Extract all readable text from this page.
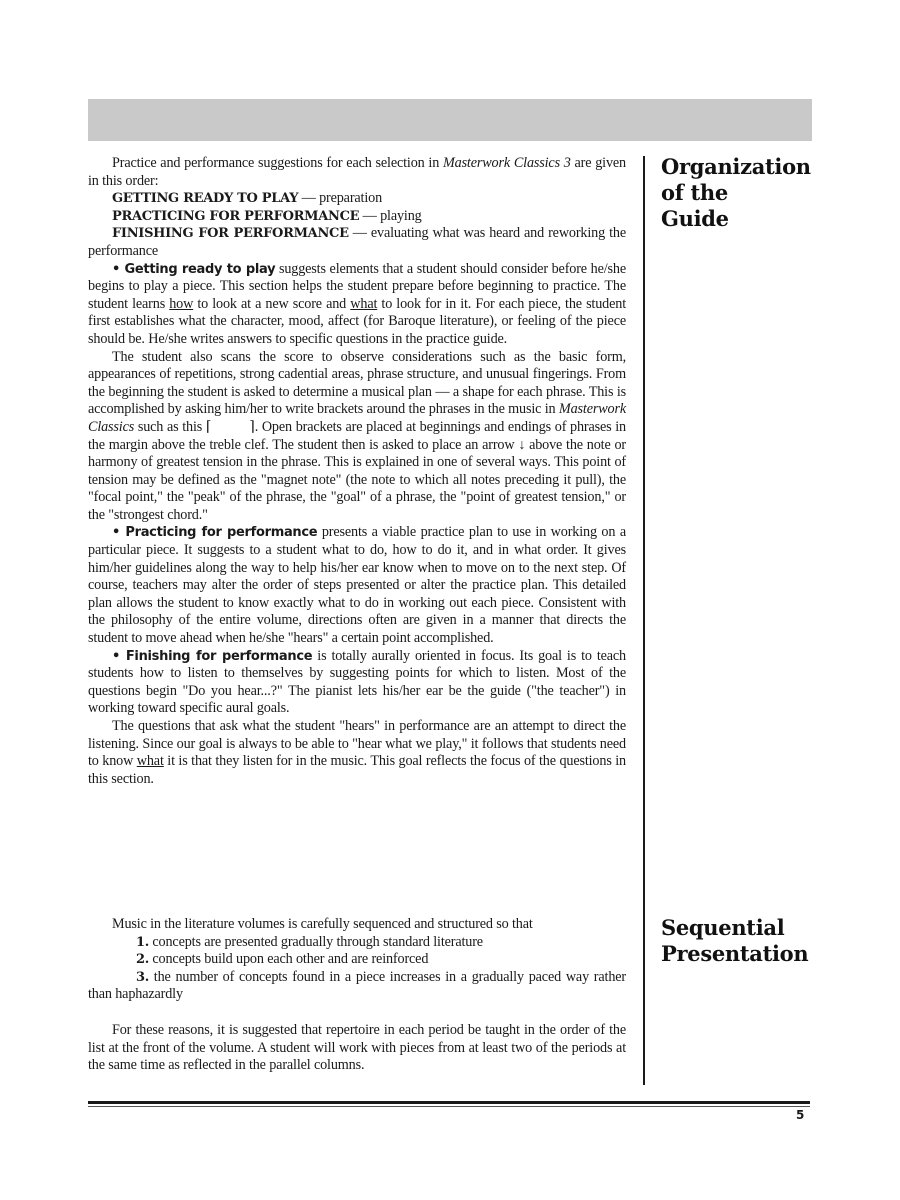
Organization
of the
Guide
Sequential
Presentation

Practice and performance suggestions for each selection in Masterwork Classics 3 are given in this order:

GETTING READY TO PLAY — preparation

PRACTICING FOR PERFORMANCE — playing

FINISHING FOR PERFORMANCE — evaluating what was heard and reworking the performance

• Getting ready to play suggests elements that a student should consider before he/she begins to play a piece. This section helps the student prepare before beginning to practice. The student learns how to look at a new score and what to look for in it. For each piece, the student first establishes what the character, mood, affect (for Baroque literature), or feeling of the piece should be. He/she writes answers to specific questions in the practice guide.

The student also scans the score to observe considerations such as the basic form, appearances of repetitions, strong cadential areas, phrase structure, and unusual fingerings. From the beginning the student is asked to determine a musical plan — a shape for each phrase. This is accomplished by asking him/her to write brackets around the phrases in the music in Masterwork Classics such as this ⌈	⌉. Open brackets are placed at beginnings and endings of phrases in the margin above the treble clef. The student then is asked to place an arrow ↓ above the note or harmony of greatest tension in the phrase. This is explained in one of several ways. This point of tension may be defined as the "magnet note" (the note to which all notes preceding it pull), the "focal point," the "peak" of the phrase, the "goal" of a phrase, the "point of greatest tension," or the "strongest chord."

• Practicing for performance presents a viable practice plan to use in working on a particular piece. It suggests to a student what to do, how to do it, and in what order. It gives him/her guidelines along the way to help his/her ear know when to move on to the next step. Of course, teachers may alter the order of steps presented or alter the practice plan. This detailed plan allows the student to know exactly what to do in working out each piece. Consistent with the philosophy of the entire volume, directions often are given in a manner that directs the student to move ahead when he/she "hears" a certain point accomplished.

• Finishing for performance is totally aurally oriented in focus. Its goal is to teach students how to listen to themselves by suggesting points for which to listen. Most of the questions begin "Do you hear...?" The pianist lets his/her ear be the guide ("the teacher") in working toward specific aural goals.

The questions that ask what the student "hears" in performance are an attempt to direct the listening. Since our goal is always to be able to "hear what we play," it follows that students need to know what it is that they listen for in the music. This goal reflects the focus of the questions in this section.

Music in the literature volumes is carefully sequenced and structured so that

1. concepts are presented gradually through standard literature

2. concepts build upon each other and are reinforced

3. the number of concepts found in a piece increases in a gradually paced way rather than haphazardly

For these reasons, it is suggested that repertoire in each period be taught in the order of the list at the front of the volume. A student will work with pieces from at least two of the periods at the same time as reflected in the parallel columns.

5
